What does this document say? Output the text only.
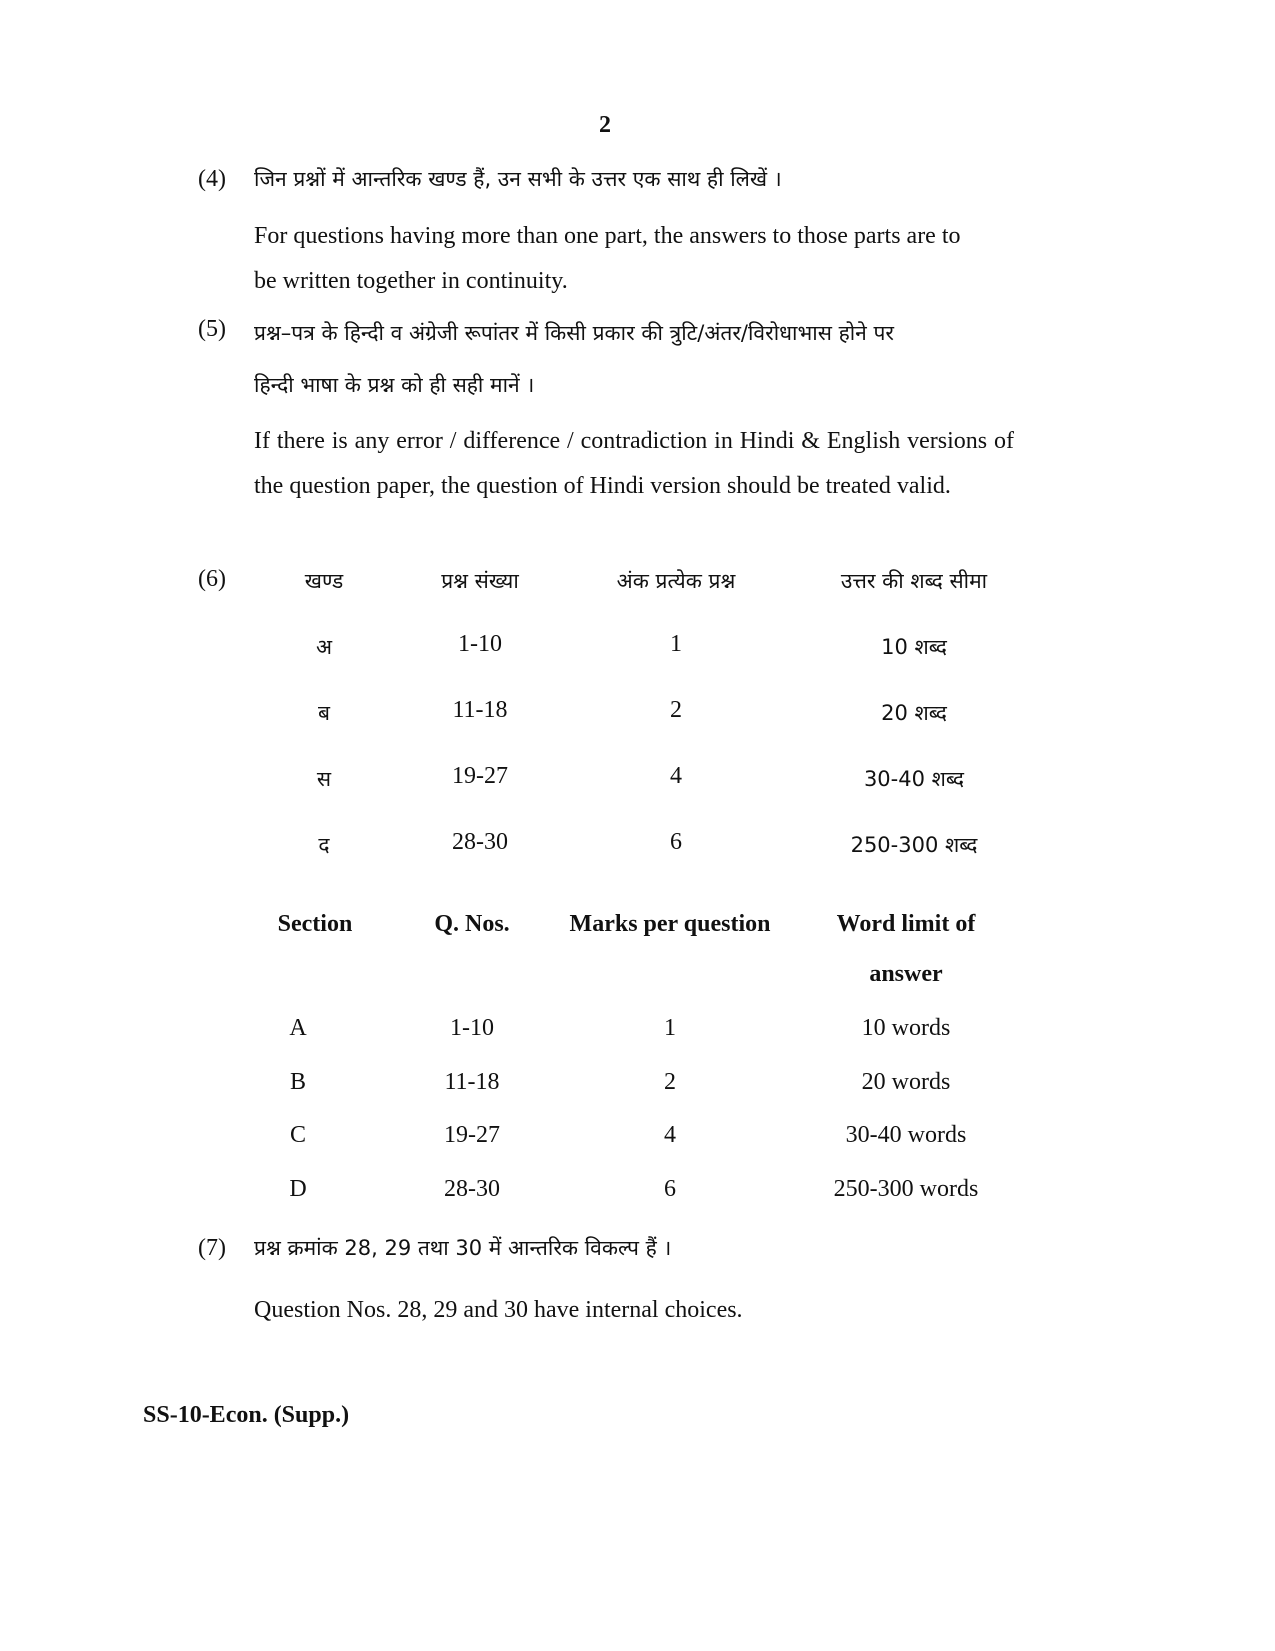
2
(4) जिन प्रश्नों में आन्तरिक खण्ड हैं, उन सभी के उत्तर एक साथ ही लिखें ।
For questions having more than one part, the answers to those parts are to
be written together in continuity.
(5) प्रश्न–पत्र के हिन्दी व अंग्रेजी रूपांतर में किसी प्रकार की त्रुटि/अंतर/विरोधाभास होने पर
हिन्दी भाषा के प्रश्न को ही सही मानें ।
If there is any error / difference / contradiction in Hindi & English versions of the question paper, the question of Hindi version should be treated valid.
(6)	खण्ड	प्रश्न संख्या	अंक प्रत्येक प्रश्न	उत्तर की शब्द सीमा
अ	1-10	1	10 शब्द
ब	11-18	2	20 शब्द
स	19-27	4	30-40 शब्द
द	28-30	6	250-300 शब्द
Section	Q. Nos.	Marks per question	Word limit of answer
A	1-10	1	10 words
B	11-18	2	20 words
C	19-27	4	30-40 words
D	28-30	6	250-300 words
(7) प्रश्न क्रमांक 28, 29 तथा 30 में आन्तरिक विकल्प हैं ।
Question Nos. 28, 29 and 30 have internal choices.
SS-10-Econ. (Supp.)
